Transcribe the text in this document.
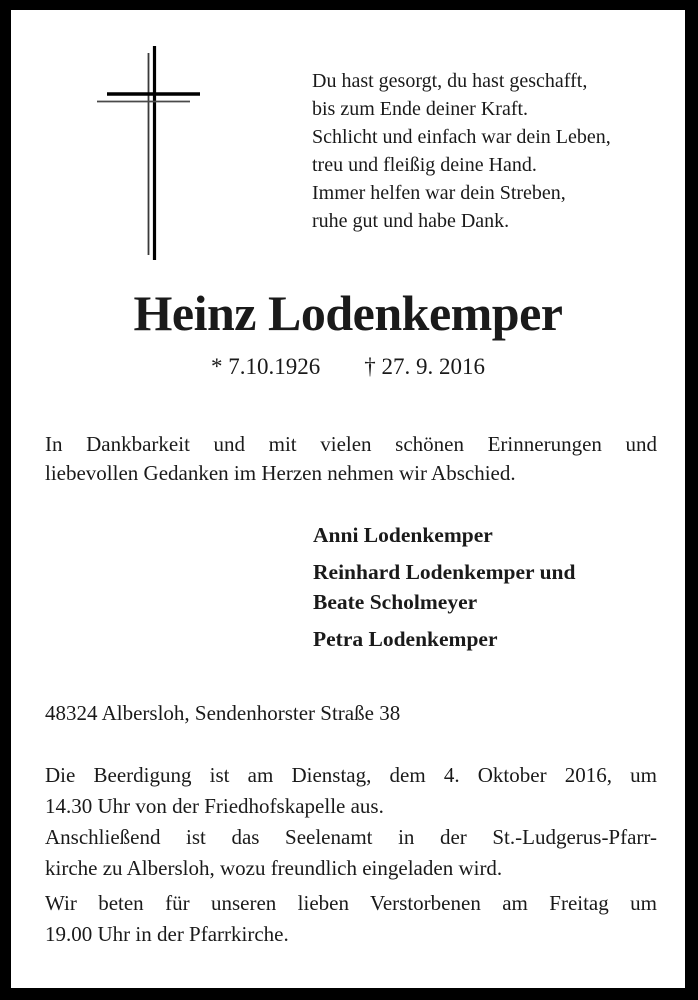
Du hast gesorgt, du hast geschafft,
bis zum Ende deiner Kraft.
Schlicht und einfach war dein Leben,
treu und fleißig deine Hand.
Immer helfen war dein Streben,
ruhe gut und habe Dank.
Heinz Lodenkemper
* 7.10.1926 † 27. 9. 2016
In Dankbarkeit und mit vielen schönen Erinnerungen und
liebevollen Gedanken im Herzen nehmen wir Abschied.
Anni Lodenkemper
Reinhard Lodenkemper und
Beate Scholmeyer
Petra Lodenkemper
48324 Albersloh, Sendenhorster Straße 38
Die Beerdigung ist am Dienstag, dem 4. Oktober 2016, um
14.30 Uhr von der Friedhofskapelle aus.
Anschließend ist das Seelenamt in der St.-Ludgerus-Pfarr-
kirche zu Albersloh, wozu freundlich eingeladen wird.
Wir beten für unseren lieben Verstorbenen am Freitag um
19.00 Uhr in der Pfarrkirche.
